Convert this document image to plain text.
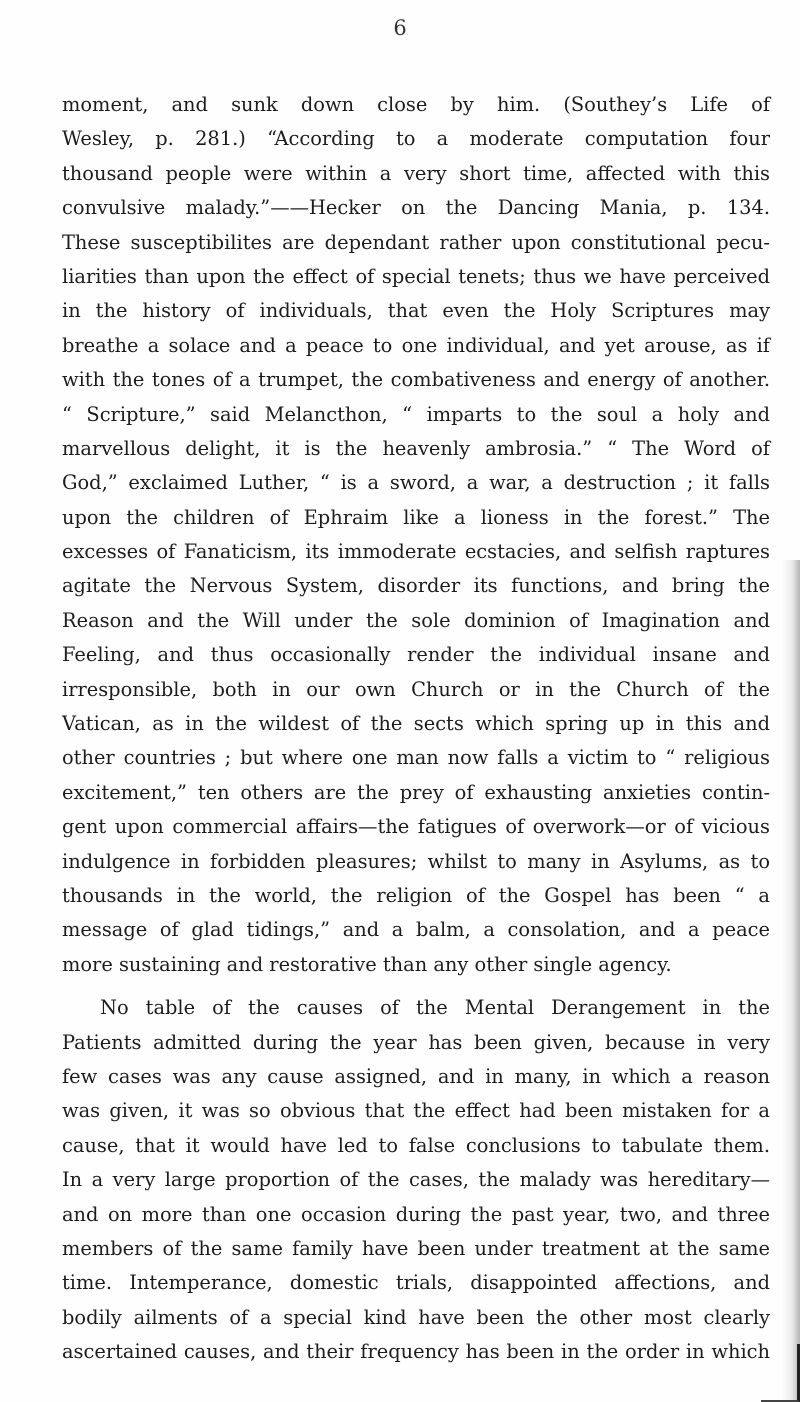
6
moment, and sunk down close by him. (Southey’s Life of
Wesley, p. 281.) “According to a moderate computation four
thousand people were within a very short time, affected with this
convulsive malady.”——Hecker on the Dancing Mania, p. 134.
These susceptibilites are dependant rather upon constitutional pecu-
liarities than upon the effect of special tenets; thus we have perceived
in the history of individuals, that even the Holy Scriptures may
breathe a solace and a peace to one individual, and yet arouse, as if
with the tones of a trumpet, the combativeness and energy of another.
“ Scripture,” said Melancthon, “ imparts to the soul a holy and
marvellous delight, it is the heavenly ambrosia.” “ The Word of
God,” exclaimed Luther, “ is a sword, a war, a destruction ; it falls
upon the children of Ephraim like a lioness in the forest.” The
excesses of Fanaticism, its immoderate ecstacies, and selfish raptures
agitate the Nervous System, disorder its functions, and bring the
Reason and the Will under the sole dominion of Imagination and
Feeling, and thus occasionally render the individual insane and
irresponsible, both in our own Church or in the Church of the
Vatican, as in the wildest of the sects which spring up in this and
other countries ; but where one man now falls a victim to “ religious
excitement,” ten others are the prey of exhausting anxieties contin-
gent upon commercial affairs—the fatigues of overwork—or of vicious
indulgence in forbidden pleasures; whilst to many in Asylums, as to
thousands in the world, the religion of the Gospel has been “ a
message of glad tidings,” and a balm, a consolation, and a peace
more sustaining and restorative than any other single agency.
No table of the causes of the Mental Derangement in the
Patients admitted during the year has been given, because in very
few cases was any cause assigned, and in many, in which a reason
was given, it was so obvious that the effect had been mistaken for a
cause, that it would have led to false conclusions to tabulate them.
In a very large proportion of the cases, the malady was hereditary—
and on more than one occasion during the past year, two, and three
members of the same family have been under treatment at the same
time. Intemperance, domestic trials, disappointed affections, and
bodily ailments of a special kind have been the other most clearly
ascertained causes, and their frequency has been in the order in which
